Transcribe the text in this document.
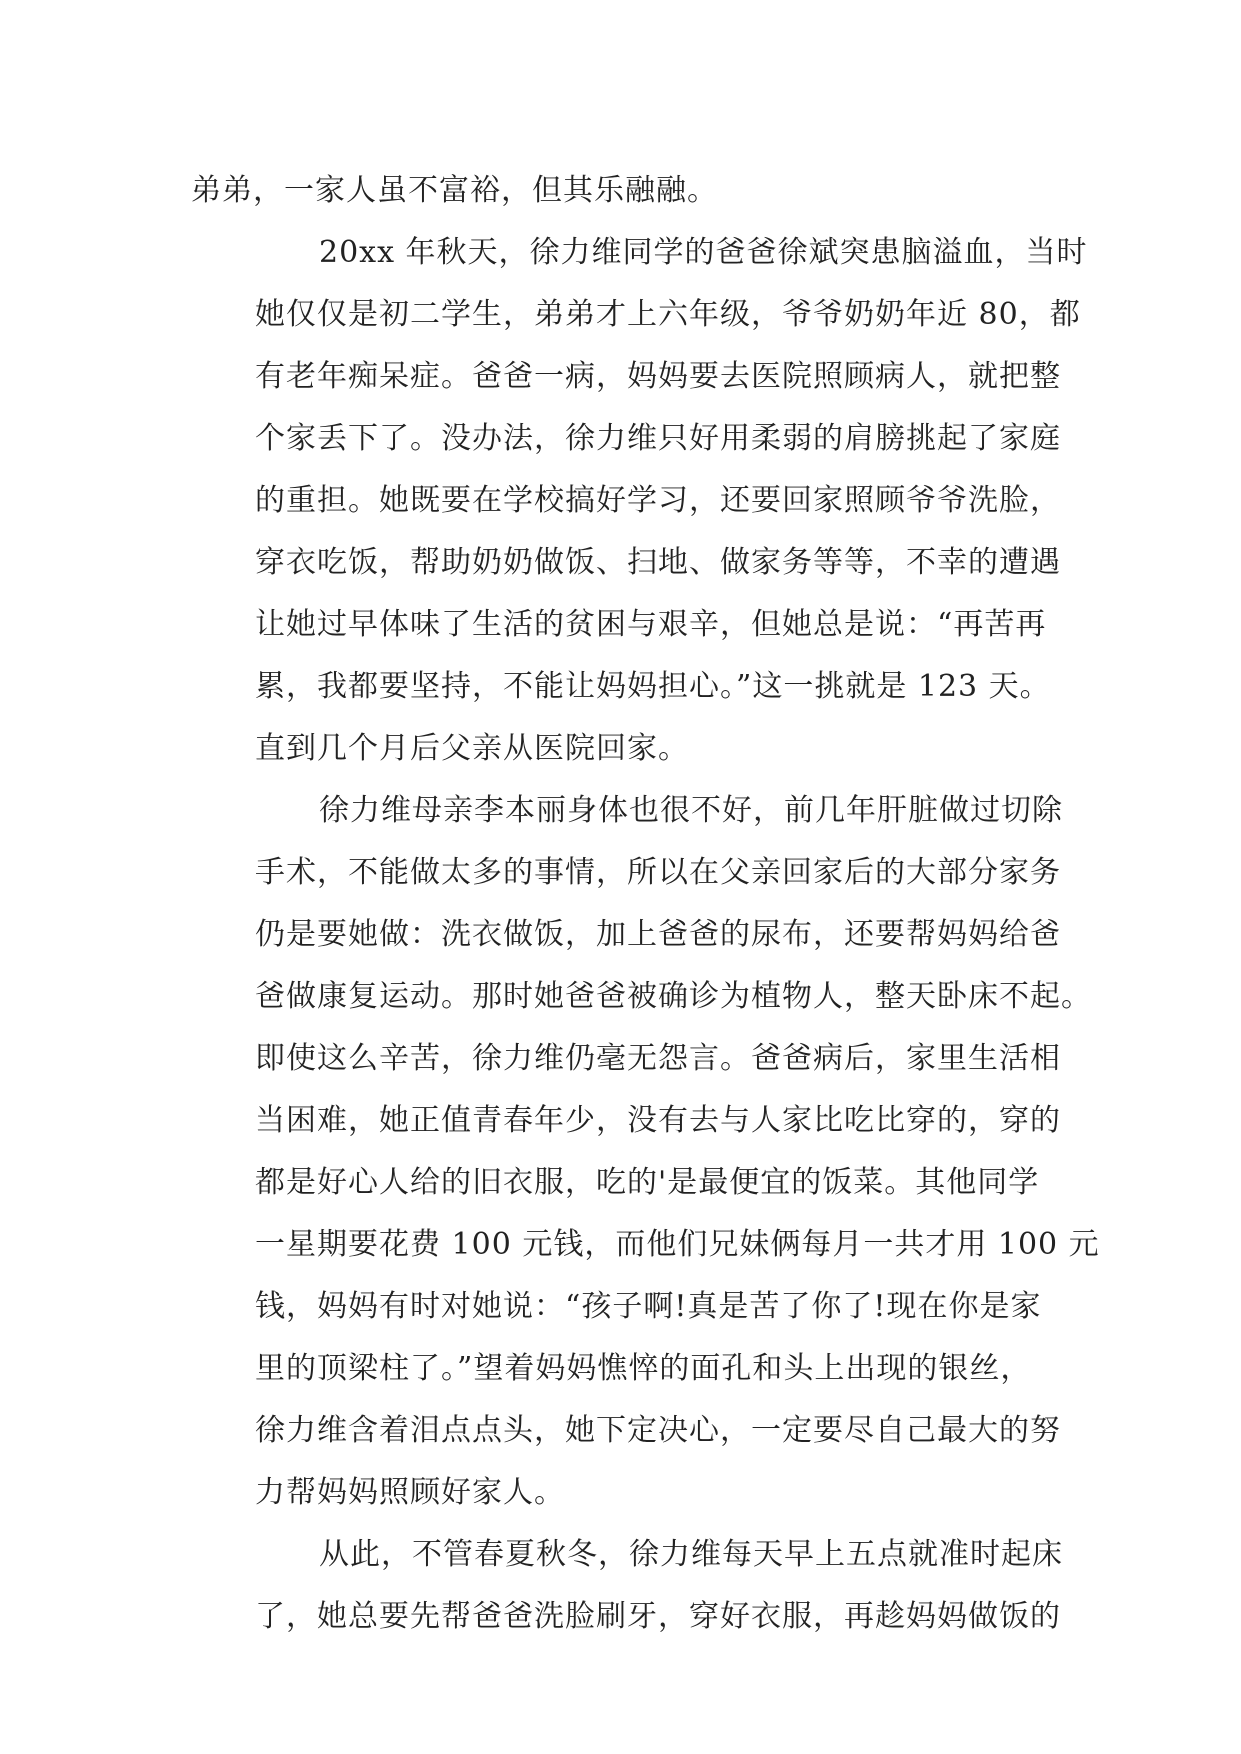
弟弟，一家人虽不富裕，但其乐融融。
20xx 年秋天，徐力维同学的爸爸徐斌突患脑溢血，当时
她仅仅是初二学生，弟弟才上六年级，爷爷奶奶年近 80，都
有老年痴呆症。爸爸一病，妈妈要去医院照顾病人，就把整
个家丢下了。没办法，徐力维只好用柔弱的肩膀挑起了家庭
的重担。她既要在学校搞好学习，还要回家照顾爷爷洗脸，
穿衣吃饭，帮助奶奶做饭、扫地、做家务等等，不幸的遭遇
让她过早体味了生活的贫困与艰辛，但她总是说：“再苦再
累，我都要坚持，不能让妈妈担心。”这一挑就是 123 天。
直到几个月后父亲从医院回家。
徐力维母亲李本丽身体也很不好，前几年肝脏做过切除
手术，不能做太多的事情，所以在父亲回家后的大部分家务
仍是要她做：洗衣做饭，加上爸爸的尿布，还要帮妈妈给爸
爸做康复运动。那时她爸爸被确诊为植物人，整天卧床不起。
即使这么辛苦，徐力维仍毫无怨言。爸爸病后，家里生活相
当困难，她正值青春年少，没有去与人家比吃比穿的，穿的
都是好心人给的旧衣服，吃的'是最便宜的饭菜。其他同学
一星期要花费 100 元钱，而他们兄妹俩每月一共才用 100 元
钱，妈妈有时对她说：“孩子啊!真是苦了你了!现在你是家
里的顶梁柱了。”望着妈妈憔悴的面孔和头上出现的银丝，
徐力维含着泪点点头，她下定决心，一定要尽自己最大的努
力帮妈妈照顾好家人。
从此，不管春夏秋冬，徐力维每天早上五点就准时起床
了，她总要先帮爸爸洗脸刷牙，穿好衣服，再趁妈妈做饭的
